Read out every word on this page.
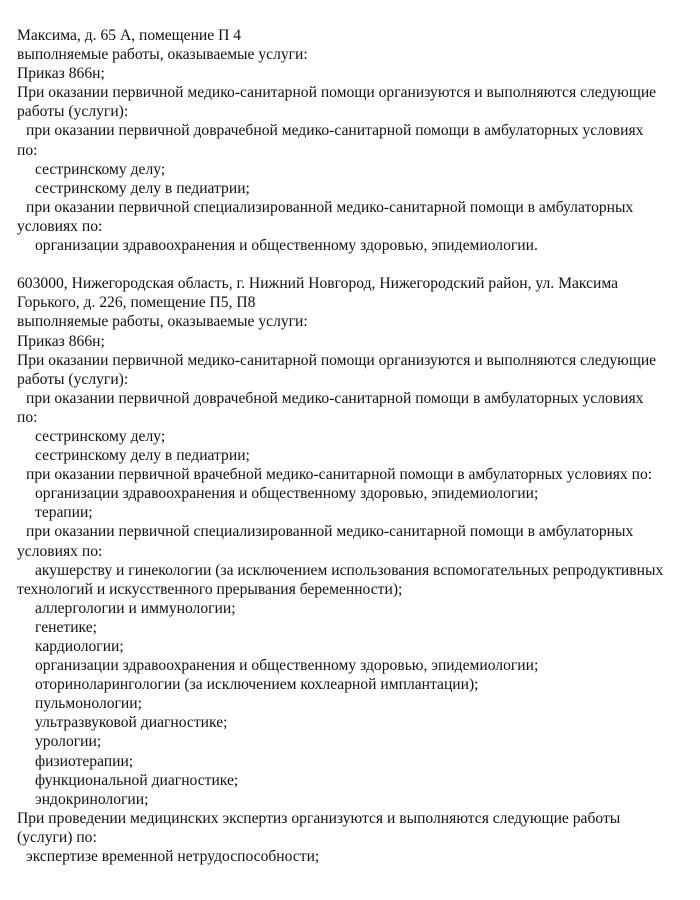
Максима, д. 65 А, помещение П 4
выполняемые работы, оказываемые услуги:
Приказ 866н;
При оказании первичной медико-санитарной помощи организуются и выполняются следующие
работы (услуги):
при оказании первичной доврачебной медико-санитарной помощи в амбулаторных условиях
по:
сестринскому делу;
сестринскому делу в педиатрии;
при оказании первичной специализированной медико-санитарной помощи в амбулаторных
условиях по:
организации здравоохранения и общественному здоровью, эпидемиологии.
603000, Нижегородская область, г. Нижний Новгород, Нижегородский район, ул. Максима
Горького, д. 226, помещение П5, П8
выполняемые работы, оказываемые услуги:
Приказ 866н;
При оказании первичной медико-санитарной помощи организуются и выполняются следующие
работы (услуги):
при оказании первичной доврачебной медико-санитарной помощи в амбулаторных условиях
по:
сестринскому делу;
сестринскому делу в педиатрии;
при оказании первичной врачебной медико-санитарной помощи в амбулаторных условиях по:
организации здравоохранения и общественному здоровью, эпидемиологии;
терапии;
при оказании первичной специализированной медико-санитарной помощи в амбулаторных
условиях по:
акушерству и гинекологии (за исключением использования вспомогательных репродуктивных
технологий и искусственного прерывания беременности);
аллергологии и иммунологии;
генетике;
кардиологии;
организации здравоохранения и общественному здоровью, эпидемиологии;
оториноларингологии (за исключением кохлеарной имплантации);
пульмонологии;
ультразвуковой диагностике;
урологии;
физиотерапии;
функциональной диагностике;
эндокринологии;
При проведении медицинских экспертиз организуются и выполняются следующие работы
(услуги) по:
экспертизе временной нетрудоспособности;
